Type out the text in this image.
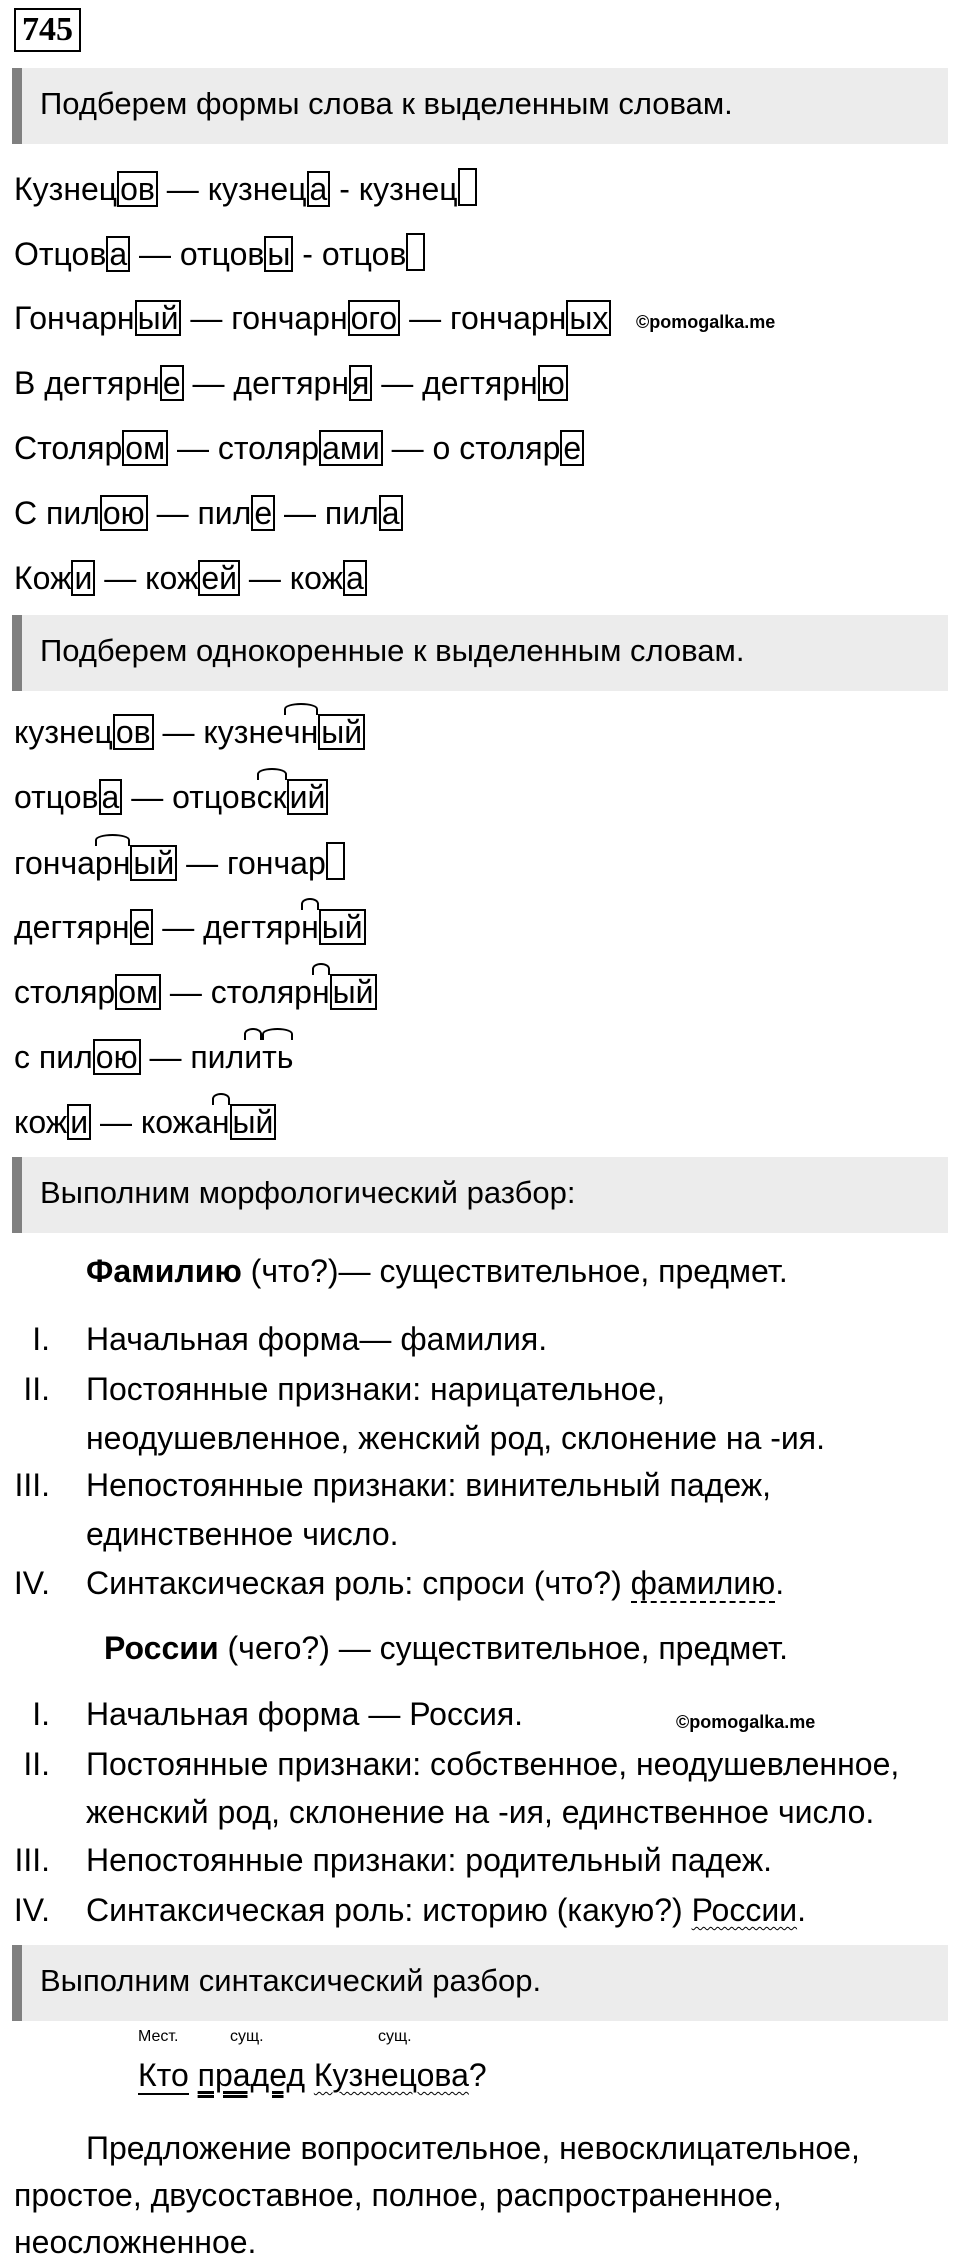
745
Подберем формы слова к выделенным словам.
Кузнецов — кузнеца - кузнец
Отцова — отцовы - отцов
Гончарный — гончарного — гончарных ©pomogalka.me
В дегтярне — дегтярня — дегтярню
Столяром — столярами — о столяре
С пилою — пиле — пила
Кожи — кожей — кожа
Подберем однокоренные к выделенным словам.
кузнецов — кузнечный
отцова — отцовский
гончарный — гончар
дегтярне — дегтярный
столяром — столярный
с пилою — пилить
кожи — кожаный
Выполним морфологический разбор:
Фамилию (что?)— существительное, предмет.
I. Начальная форма— фамилия.
II. Постоянные признаки: нарицательное,
неодушевленное, женский род, склонение на -ия.
III. Непостоянные признаки: винительный падеж,
единственное число.
IV. Синтаксическая роль: спроси (что?) фамилию.
России (чего?) — существительное, предмет.
I. Начальная форма — Россия.	©pomogalka.me
II. Постоянные признаки: собственное, неодушевленное,
женский род, склонение на -ия, единственное число.
III. Непостоянные признаки: родительный падеж.
IV. Синтаксическая роль: историю (какую?) России.
Выполним синтаксический разбор.
Мест.	сущ.	сущ.
Кто прадед Кузнецова?
Предложение вопросительное, невосклицательное,
простое, двусоставное, полное, распространенное,
неосложненное.
